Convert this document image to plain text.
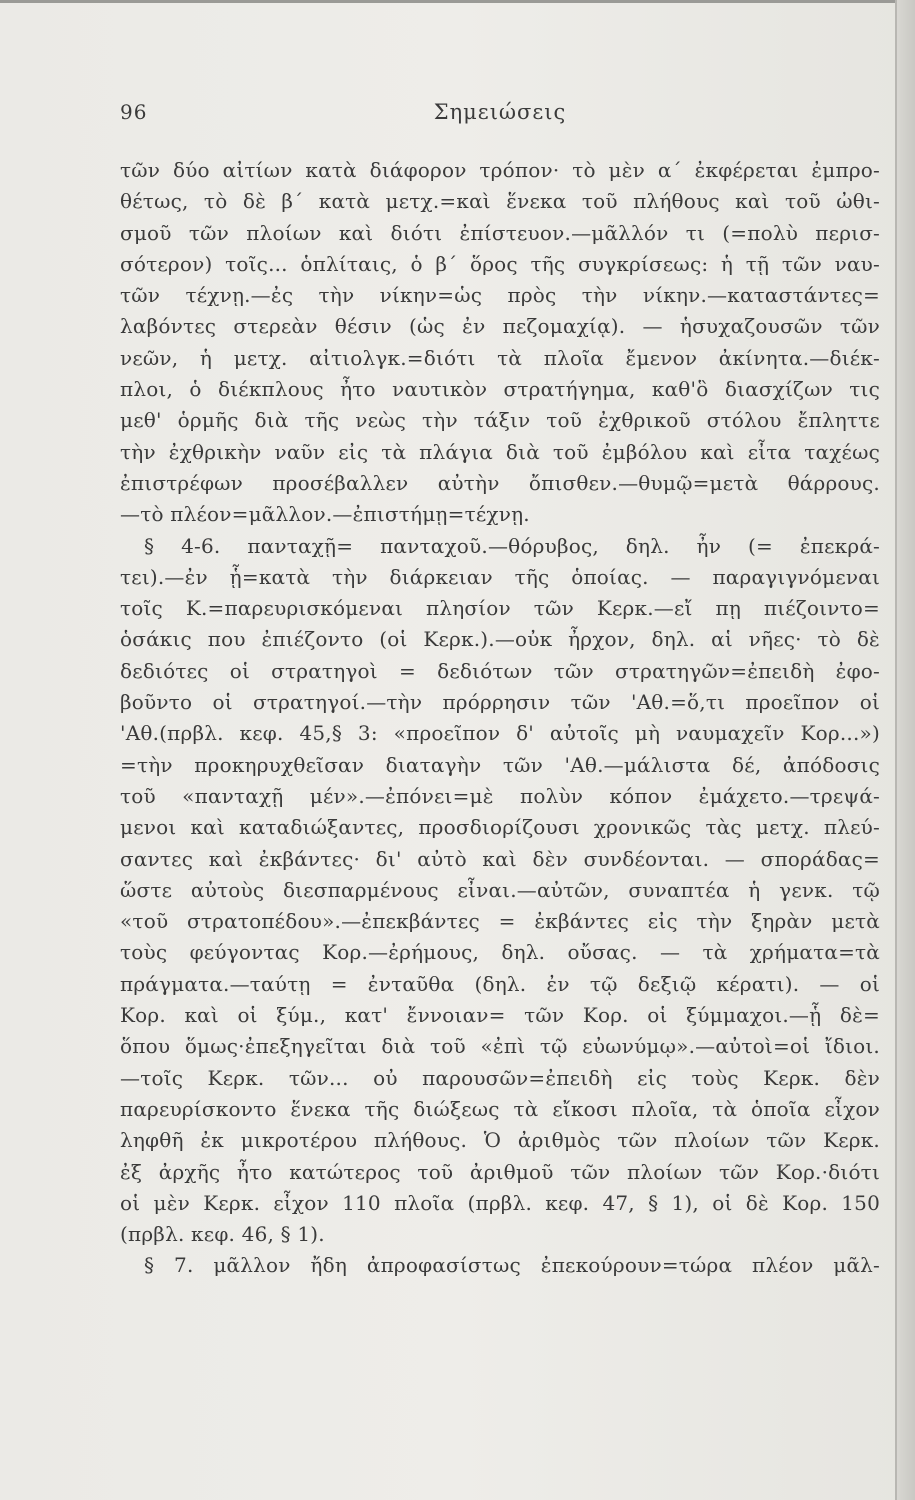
96	Σημειώσεις
τῶν δύο αἰτίων κατὰ διάφορον τρόπον· τὸ μὲν α΄ ἐκφέρεται ἐμπρο-
θέτως, τὸ δὲ β΄ κατὰ μετχ.=καὶ ἕνεκα τοῦ πλήθους καὶ τοῦ ὠθι-
σμοῦ τῶν πλοίων καὶ διότι ἐπίστευον.—μᾶλλόν τι (=πολὺ περισ-
σότερον) τοῖς... ὁπλίταις, ὁ β΄ ὅρος τῆς συγκρίσεως: ἡ τῇ τῶν ναυ-
τῶν τέχνῃ.—ἐς τὴν νίκην=ὡς πρὸς τὴν νίκην.—καταστάντες=
λαβόντες στερεὰν θέσιν (ὡς ἐν πεζομαχίᾳ). — ἡσυχαζουσῶν τῶν
νεῶν, ἡ μετχ. αἰτιολγκ.=διότι τὰ πλοῖα ἔμενον ἀκίνητα.—διέκ-
πλοι, ὁ διέκπλους ἦτο ναυτικὸν στρατήγημα, καθ'ὃ διασχίζων τις
μεθ' ὁρμῆς διὰ τῆς νεὼς τὴν τάξιν τοῦ ἐχθρικοῦ στόλου ἔπληττε
τὴν ἐχθρικὴν ναῦν εἰς τὰ πλάγια διὰ τοῦ ἐμβόλου καὶ εἶτα ταχέως
ἐπιστρέφων προσέβαλλεν αὐτὴν ὄπισθεν.—θυμῷ=μετὰ θάρρους.
—τὸ πλέον=μᾶλλον.—ἐπιστήμῃ=τέχνῃ.
§ 4-6. πανταχῇ= πανταχοῦ.—θόρυβος, δηλ. ἦν (= ἐπεκρά-
τει).—ἐν ᾗ=κατὰ τὴν διάρκειαν τῆς ὁποίας. — παραγιγνόμεναι
τοῖς Κ.=παρευρισκόμεναι πλησίον τῶν Κερκ.—εἴ πῃ πιέζοιντο=
ὁσάκις που ἐπιέζοντο (οἱ Κερκ.).—οὐκ ἦρχον, δηλ. αἱ νῆες· τὸ δὲ
δεδιότες οἱ στρατηγοὶ = δεδιότων τῶν στρατηγῶν=ἐπειδὴ ἐφο-
βοῦντο οἱ στρατηγοί.—τὴν πρόρρησιν τῶν 'Αθ.=ὅ,τι προεῖπον οἱ
'Αθ.(πρβλ. κεφ. 45,§ 3: «προεῖπον δ' αὐτοῖς μὴ ναυμαχεῖν Κορ...»)
=τὴν προκηρυχθεῖσαν διαταγὴν τῶν 'Αθ.—μάλιστα δέ, ἀπόδοσις
τοῦ «πανταχῇ μέν».—ἐπόνει=μὲ πολὺν κόπον ἐμάχετο.—τρεψά-
μενοι καὶ καταδιώξαντες, προσδιορίζουσι χρονικῶς τὰς μετχ. πλεύ-
σαντες καὶ ἐκβάντες· δι' αὐτὸ καὶ δὲν συνδέονται. — σποράδας=
ὥστε αὐτοὺς διεσπαρμένους εἶναι.—αὐτῶν, συναπτέα ἡ γενκ. τῷ
«τοῦ στρατοπέδου».—ἐπεκβάντες = ἐκβάντες εἰς τὴν ξηρὰν μετὰ
τοὺς φεύγοντας Κορ.—ἐρήμους, δηλ. οὔσας. — τὰ χρήματα=τὰ
πράγματα.—ταύτῃ = ἐνταῦθα (δηλ. ἐν τῷ δεξιῷ κέρατι). — οἱ
Κορ. καὶ οἱ ξύμ., κατ' ἔννοιαν= τῶν Κορ. οἱ ξύμμαχοι.—ᾗ δὲ=
ὅπου ὅμως·ἐπεξηγεῖται διὰ τοῦ «ἐπὶ τῷ εὐωνύμῳ».—αὐτοὶ=οἱ ἴδιοι.
—τοῖς Κερκ. τῶν... οὐ παρουσῶν=ἐπειδὴ εἰς τοὺς Κερκ. δὲν
παρευρίσκοντο ἕνεκα τῆς διώξεως τὰ εἴκοσι πλοῖα, τὰ ὁποῖα εἶχον
ληφθῆ ἐκ μικροτέρου πλήθους. Ὁ ἀριθμὸς τῶν πλοίων τῶν Κερκ.
ἐξ ἀρχῆς ἦτο κατώτερος τοῦ ἀριθμοῦ τῶν πλοίων τῶν Κορ.·διότι
οἱ μὲν Κερκ. εἶχον 110 πλοῖα (πρβλ. κεφ. 47, § 1), οἱ δὲ Κορ. 150
(πρβλ. κεφ. 46, § 1).
§ 7. μᾶλλον ἤδη ἀπροφασίστως ἐπεκούρουν=τώρα πλέον μᾶλ-
